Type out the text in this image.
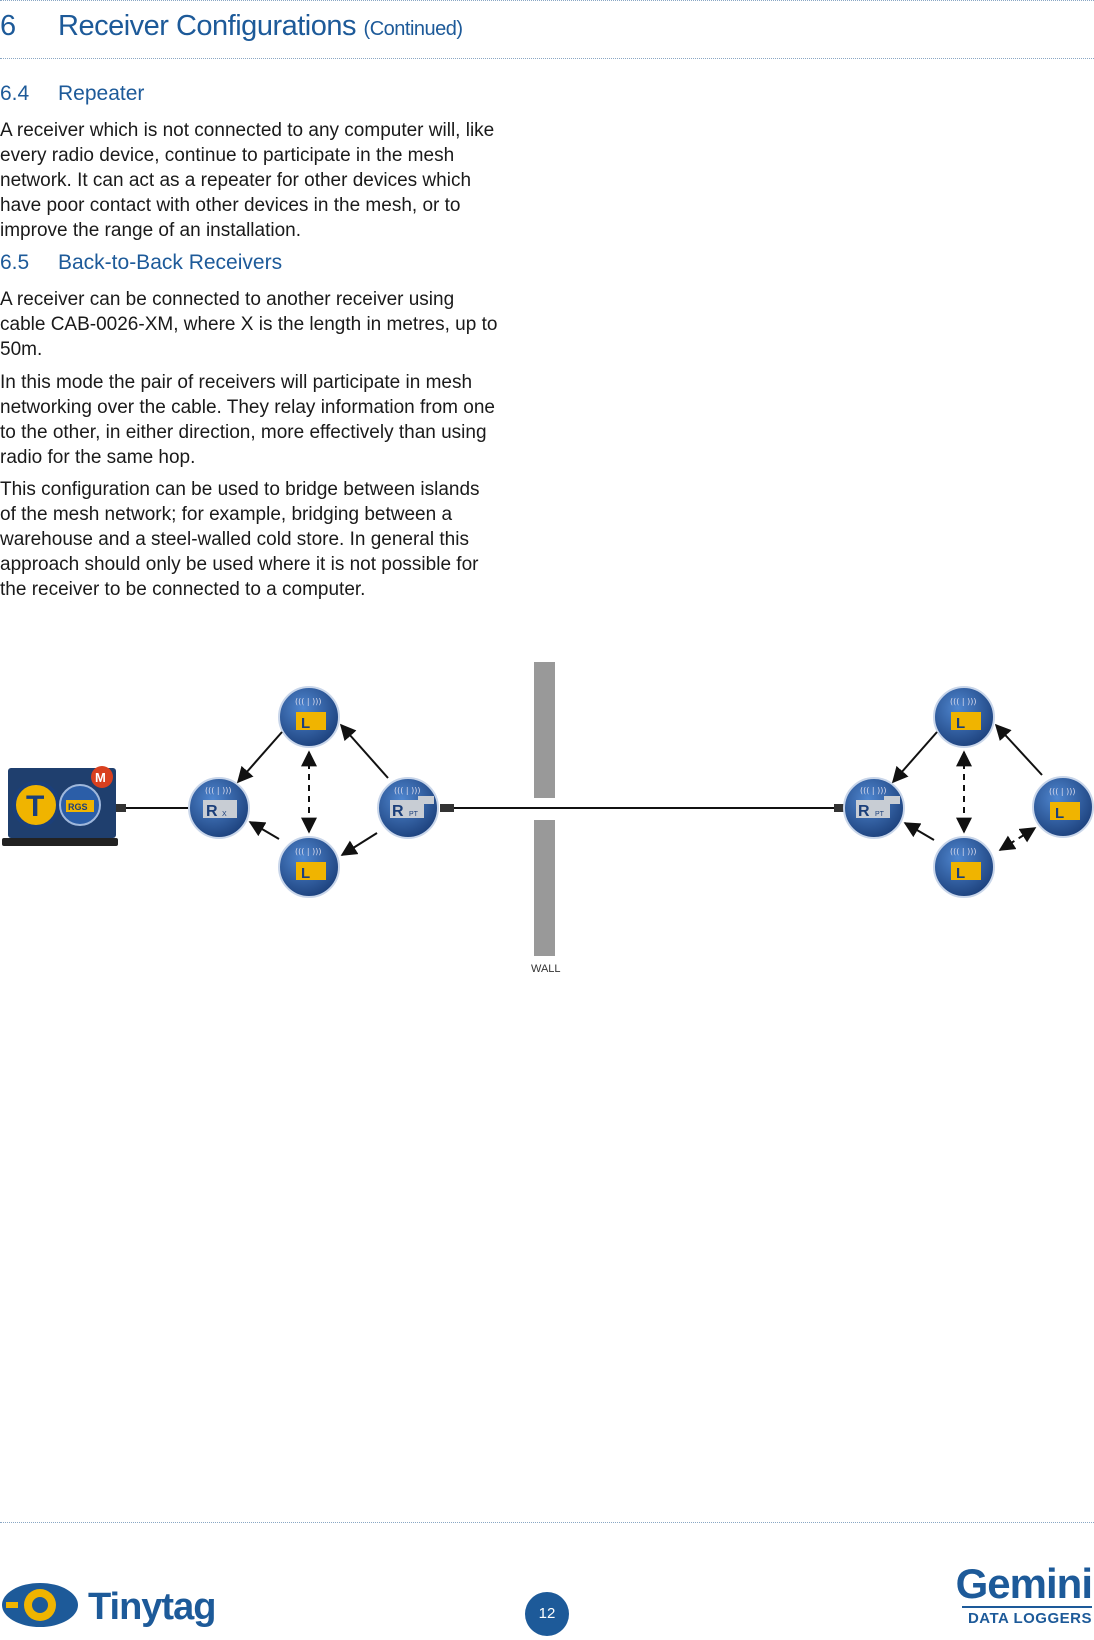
6 Receiver Configurations (Continued)
6.4 Repeater

A receiver which is not connected to any computer will, like every radio device, continue to participate in the mesh network. It can act as a repeater for other devices which have poor contact with other devices in the mesh, or to improve the range of an installation.

6.5 Back-to-Back Receivers

A receiver can be connected to another receiver using cable CAB-0026-XM, where X is the length in metres, up to 50m.

In this mode the pair of receivers will participate in mesh networking over the cable. They relay information from one to the other, in either direction, more effectively than using radio for the same hop.

This configuration can be used to bridge between islands of the mesh network; for example, bridging between a warehouse and a steel-walled cold store. In general this approach should only be used where it is not possible for the receiver to be connected to a computer.

WALL
T	RGS
M
((( | )))
R X
((( | )))
R PT
((( | )))
R PT
((( | )))
L
((( | )))
L
((( | )))
L
((( | )))
L
((( | )))
L
Tinytag	12
Gemini
DATA LOGGERS
